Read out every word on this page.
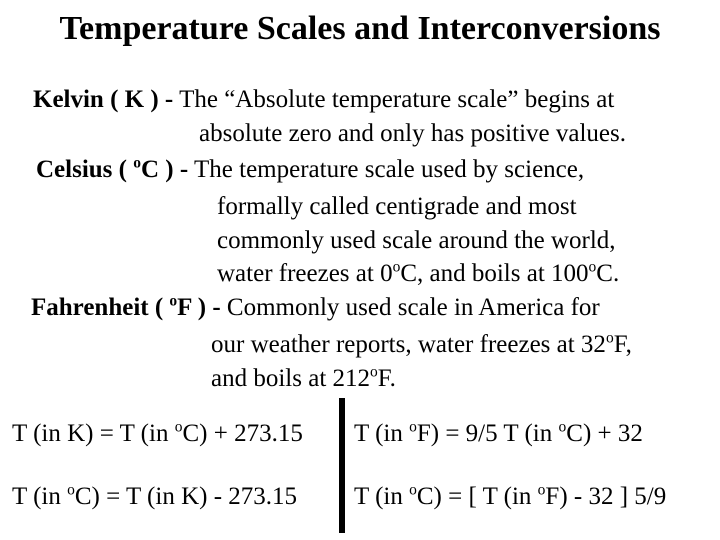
Temperature Scales and Interconversions
Kelvin ( K ) - The “Absolute temperature scale” begins at
absolute zero and only has positive values.
Celsius ( $^o$C ) - The temperature scale used by science,
formally called centigrade and most
commonly used scale around the world,
water freezes at 0$^o$C, and boils at 100$^o$C.
Fahrenheit ( $^o$F ) - Commonly used scale in America for
our weather reports, water freezes at 32$^o$F,
and boils at 212$^o$F.
T (in K) = T (in $^o$C) + 273.15 T (in $^o$F) = 9/5 T (in $^o$C) + 32
T (in $^o$C) = T (in K) - 273.15 T (in $^o$C) = [ T (in $^o$F) - 32 ] 5/9
